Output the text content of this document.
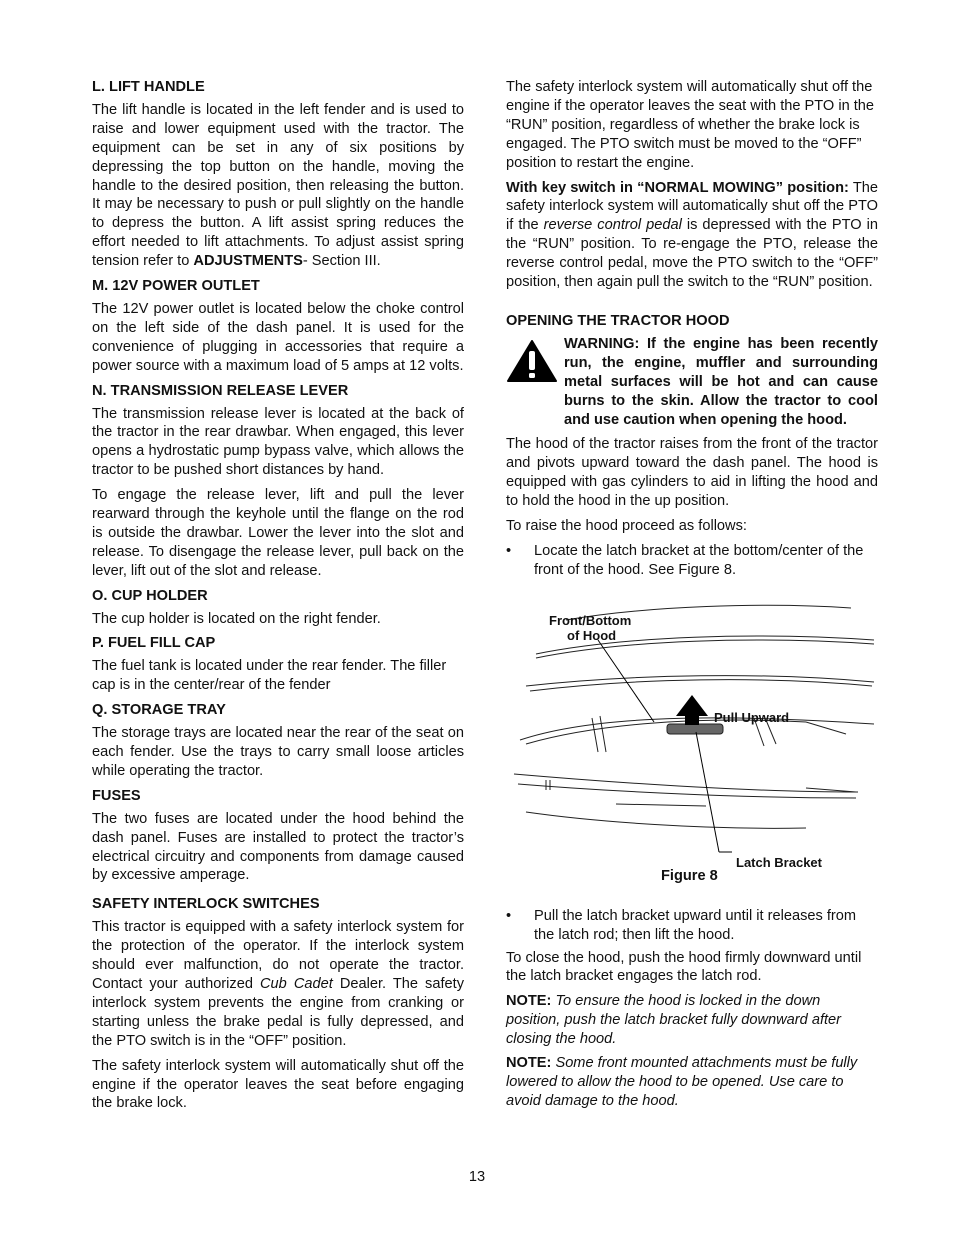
L. LIFT HANDLE

The lift handle is located in the left fender and is used to raise and lower equipment used with the tractor. The equipment can be set in any of six positions by depressing the top button on the handle, moving the handle to the desired position, then releasing the button. It may be necessary to push or pull slightly on the handle to depress the button. A lift assist spring reduces the effort needed to lift attachments. To adjust assist spring tension refer to ADJUSTMENTS- Section III.

M. 12V POWER OUTLET

The 12V power outlet is located below the choke control on the left side of the dash panel. It is used for the convenience of plugging in accessories that require a power source with a maximum load of 5 amps at 12 volts.

N. TRANSMISSION RELEASE LEVER

The transmission release lever is located at the back of the tractor in the rear drawbar. When engaged, this lever opens a hydrostatic pump bypass valve, which allows the tractor to be pushed short distances by hand.

To engage the release lever, lift and pull the lever rearward through the keyhole until the flange on the rod is outside the drawbar. Lower the lever into the slot and release. To disengage the release lever, pull back on the lever, lift out of the slot and release.

O. CUP HOLDER

The cup holder is located on the right fender.

P. FUEL FILL CAP

The fuel tank is located under the rear fender. The filler cap is in the center/rear of the fender

Q. STORAGE TRAY

The storage trays are located near the rear of the seat on each fender. Use the trays to carry small loose articles while operating the tractor.

FUSES

The two fuses are located under the hood behind the dash panel. Fuses are installed to protect the tractor’s electrical circuitry and components from damage caused by excessive amperage.

SAFETY INTERLOCK SWITCHES

This tractor is equipped with a safety interlock system for the protection of the operator. If the interlock system should ever malfunction, do not operate the tractor. Contact your authorized Cub Cadet Dealer. The safety interlock system prevents the engine from cranking or starting unless the brake pedal is fully depressed, and the PTO switch is in the “OFF” position.

The safety interlock system will automatically shut off the engine if the operator leaves the seat before engaging the brake lock.

The safety interlock system will automatically shut off the engine if the operator leaves the seat with the PTO in the “RUN” position, regardless of whether the brake lock is engaged. The PTO switch must be moved to the “OFF” position to restart the engine.

With key switch in “NORMAL MOWING” position: The safety interlock system will automatically shut off the PTO if the reverse control pedal is depressed with the PTO in the “RUN” position. To re-engage the PTO, release the reverse control pedal, move the PTO switch to the “OFF” position, then again pull the switch to the “RUN” position.

OPENING THE TRACTOR HOOD
WARNING: If the engine has been recently run, the engine, muffler and surrounding metal surfaces will be hot and can cause burns to the skin. Allow the tractor to cool and use caution when opening the hood.

The hood of the tractor raises from the front of the tractor and pivots upward toward the dash panel. The hood is equipped with gas cylinders to aid in lifting the hood and to hold the hood in the up position.

To raise the hood proceed as follows:

•	Locate the latch bracket at the bottom/center of the front of the hood. See Figure 8.
Front/Bottom
of Hood
Pull Upward
Latch Bracket
Figure 8
•	Pull the latch bracket upward until it releases from the latch rod; then lift the hood.

To close the hood, push the hood firmly downward until the latch bracket engages the latch rod.

NOTE: To ensure the hood is locked in the down position, push the latch bracket fully downward after closing the hood.

NOTE: Some front mounted attachments must be fully lowered to allow the hood to be opened. Use care to avoid damage to the hood.

13
